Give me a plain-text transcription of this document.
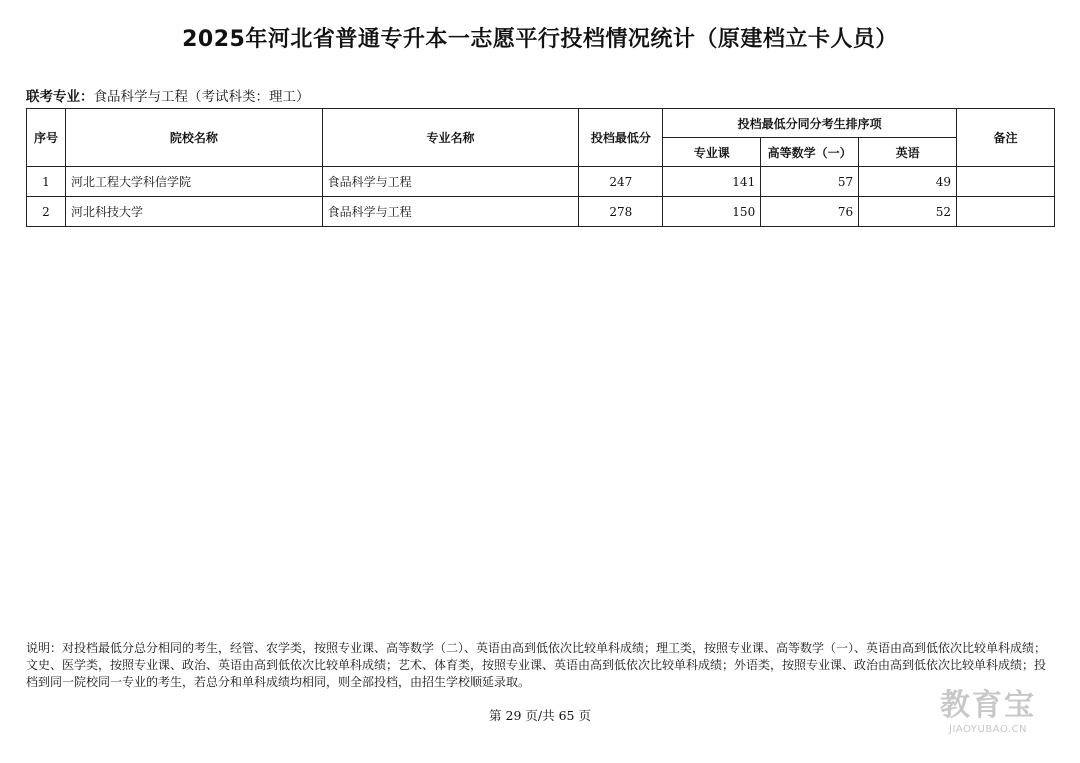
2025年河北省普通专升本一志愿平行投档情况统计（原建档立卡人员）
联考专业：食品科学与工程（考试科类：理工）
序号	院校名称	专业名称	投档最低分	投档最低分同分考生排序项			备注
				专业课	高等数学（一）	英语	
1	河北工程大学科信学院	食品科学与工程	247	141	57	49	
2	河北科技大学	食品科学与工程	278	150	76	52	
说明：对投档最低分总分相同的考生，经管、农学类，按照专业课、高等数学（二）、英语由高到低依次比较单科成绩；理工类，按照专业课、高等数学（一）、英语由高到低依次比较单科成绩；文史、医学类，按照专业课、政治、英语由高到低依次比较单科成绩；艺术、体育类，按照专业课、英语由高到低依次比较单科成绩；外语类，按照专业课、政治由高到低依次比较单科成绩；投档到同一院校同一专业的考生，若总分和单科成绩均相同，则全部投档，由招生学校顺延录取。
第 29 页/共 65 页	教育宝
JIAOYUBAO.CN
